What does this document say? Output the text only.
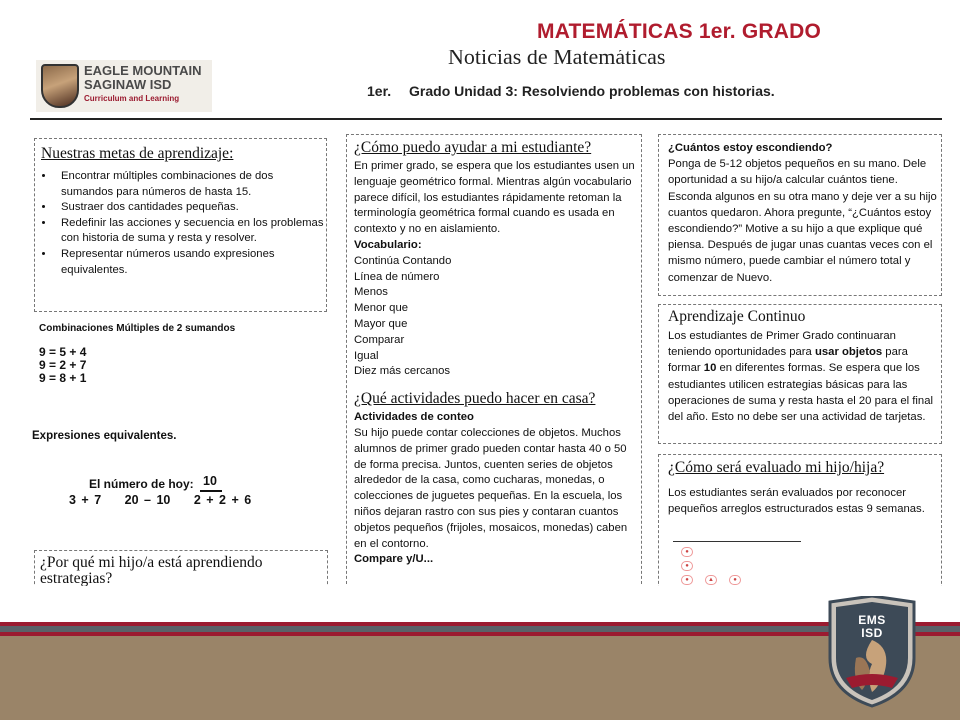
MATEMÁTICAS 1er. GRADO
EAGLE MOUNTAIN
SAGINAW ISD
Curriculum and Learning
Noticias de Matemáticas
1er. Grado Unidad 3: Resolviendo problemas con historias.
Nuestras metas de aprendizaje:
• Encontrar múltiples combinaciones de dos sumandos para números de hasta 15.
• Sustraer dos cantidades pequeñas.
• Redefinir las acciones y secuencia en los problemas con historia de suma y resta y resolver.
• Representar números usando expresiones equivalentes.
Combinaciones Múltiples de 2 sumandos
9 = 5 + 4
9 = 2 + 7
9 = 8 + 1
Expresiones equivalentes.
El número de hoy: 10
3 + 7 20 – 10 2 + 2 + 6
¿Por qué mi hijo/a está aprendiendo estrategias?
¿Cómo puedo ayudar a mi estudiante?
En primer grado, se espera que los estudiantes usen un lenguaje geométrico formal. Mientras algún vocabulario parece difícil, los estudiantes rápidamente retoman la terminología geométrica formal cuando es usada en contexto y no en aislamiento.
Vocabulario:
Continúa Contando
Línea de número
Menos
Menor que
Mayor que
Comparar
Igual
Diez más cercanos
¿Qué actividades puedo hacer en casa?
Actividades de conteo
Su hijo puede contar colecciones de objetos. Muchos alumnos de primer grado pueden contar hasta 40 o 50 de forma precisa. Juntos, cuenten series de objetos alrededor de la casa, como cucharas, monedas, o colecciones de juguetes pequeñas. En la escuela, los niños dejaran rastro con sus pies y contaran cuantos objetos pequeños (frijoles, mosaicos, monedas) caben en el contorno.
Compare y/U...
¿Cuántos estoy escondiendo?
Ponga de 5-12 objetos pequeños en su mano. Dele oportunidad a su hijo/a calcular cuántos tiene. Esconda algunos en su otra mano y deje ver a su hijo cuantos quedaron. Ahora pregunte, “¿Cuántos estoy escondiendo?” Motive a su hijo a que explique qué piensa. Después de jugar unas cuantas veces con el mismo número, puede cambiar el número total y comenzar de Nuevo.
Aprendizaje Continuo
Los estudiantes de Primer Grado continuaran teniendo oportunidades para usar objetos para formar 10 en diferentes formas. Se espera que los estudiantes utilicen estrategias básicas para las operaciones de suma y resta hasta el 20 para el final del año. Esto no debe ser una actividad de tarjetas.
¿Cómo será evaluado mi hijo/hija?
Los estudiantes serán evaluados por reconocer pequeños arreglos estructurados estas 9 semanas.
●
●
●	▲	●
EMS
ISD
